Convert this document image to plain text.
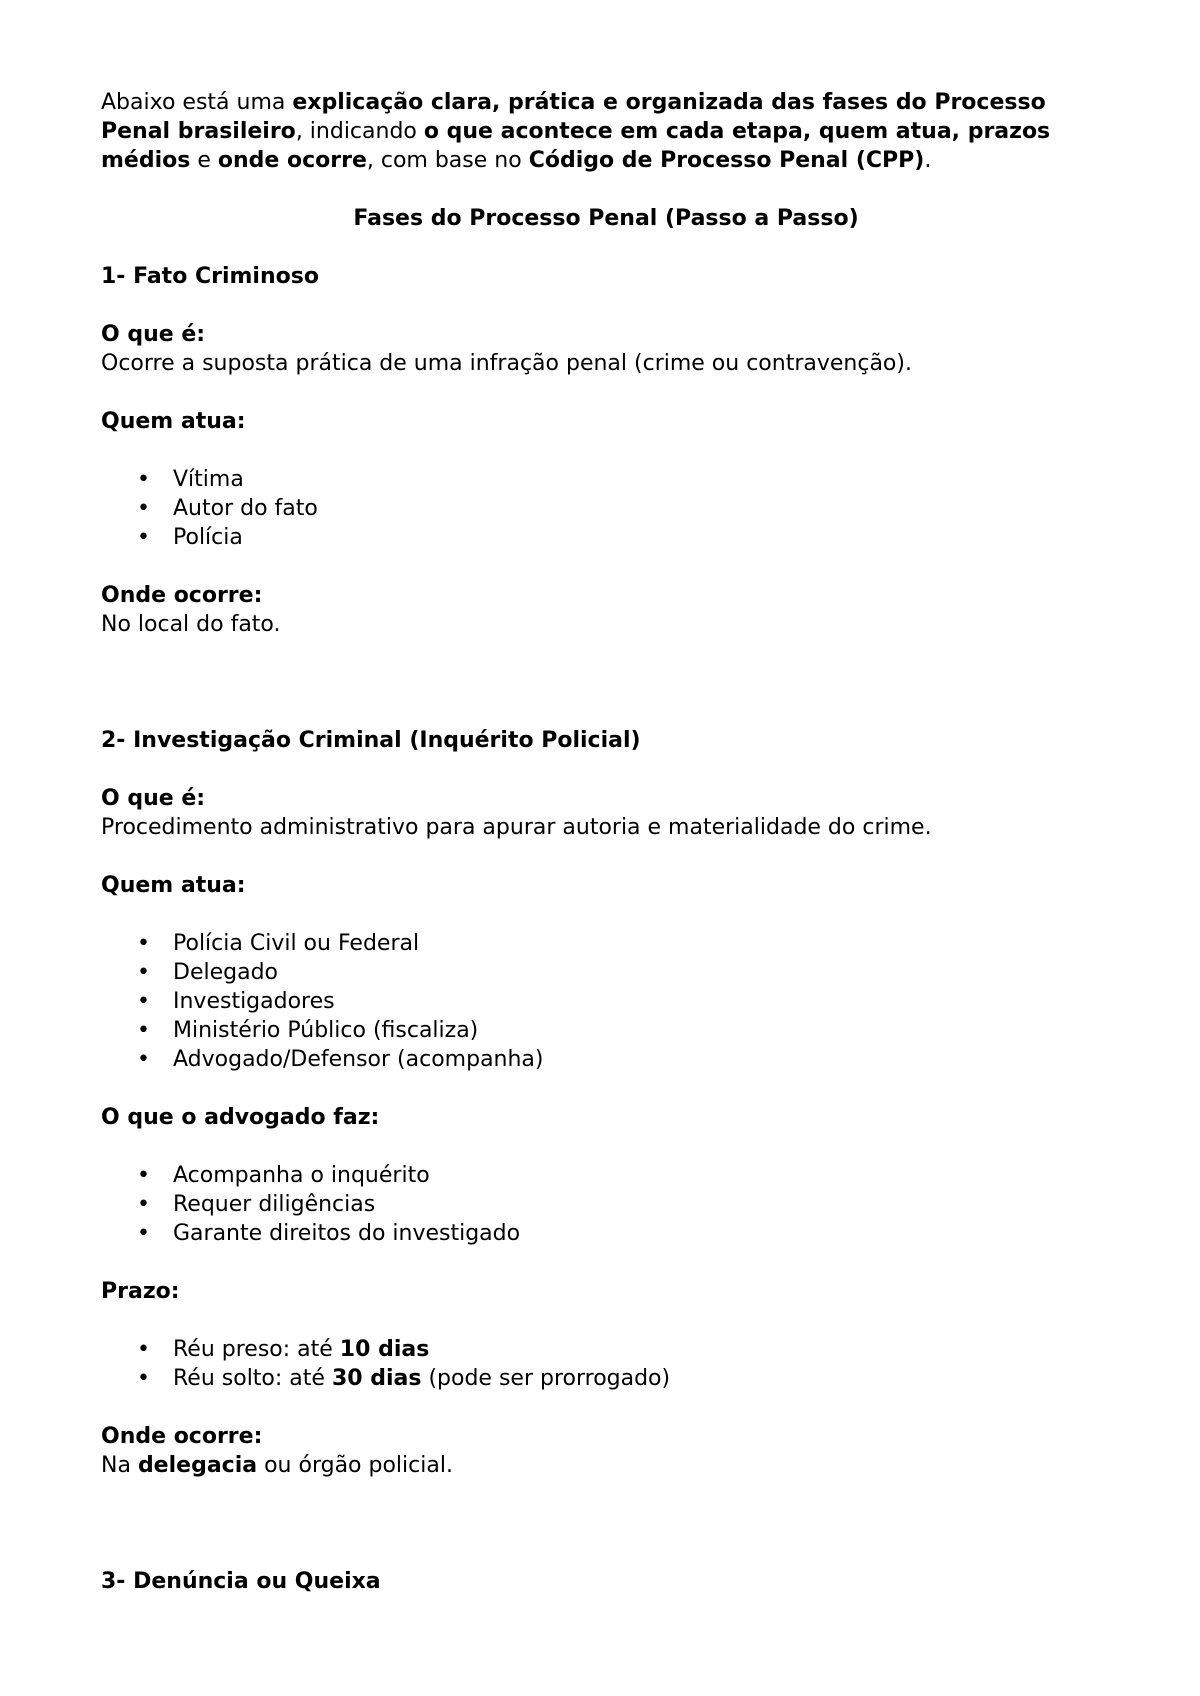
Abaixo está uma explicação clara, prática e organizada das fases do Processo Penal brasileiro, indicando o que acontece em cada etapa, quem atua, prazos médios e onde ocorre, com base no Código de Processo Penal (CPP).

Fases do Processo Penal (Passo a Passo)

1- Fato Criminoso

O que é:

Ocorre a suposta prática de uma infração penal (crime ou contravenção).

Quem atua:

• Vítima
• Autor do fato
• Polícia

Onde ocorre:

No local do fato.

2- Investigação Criminal (Inquérito Policial)

O que é:

Procedimento administrativo para apurar autoria e materialidade do crime.

Quem atua:

• Polícia Civil ou Federal
• Delegado
• Investigadores
• Ministério Público (fiscaliza)
• Advogado/Defensor (acompanha)

O que o advogado faz:

• Acompanha o inquérito
• Requer diligências
• Garante direitos do investigado

Prazo:

• Réu preso: até 10 dias
• Réu solto: até 30 dias (pode ser prorrogado)

Onde ocorre:

Na delegacia ou órgão policial.

3- Denúncia ou Queixa
